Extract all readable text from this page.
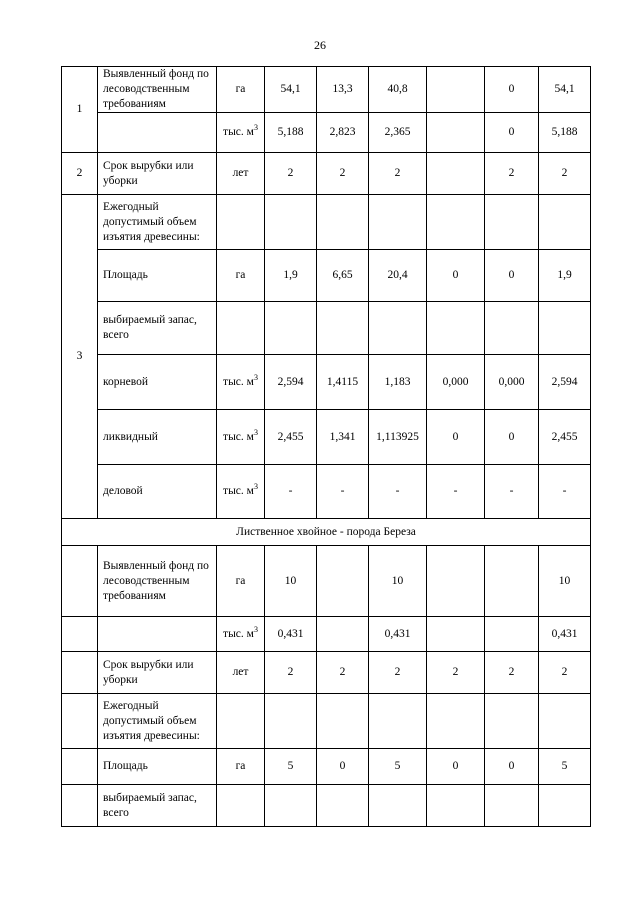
26
1	Выявленный фонд по лесоводственным требованиям	га	54,1	13,3	40,8		0	54,1
		тыс. $м^3$	5,188	2,823	2,365		0	5,188
2	Срок вырубки или уборки	лет	2	2	2		2	2
3	Ежегодный допустимый объем изъятия древесины:							
	Площадь	га	1,9	6,65	20,4	0	0	1,9
	выбираемый запас, всего							
	корневой	тыс. $м^3$	2,594	1,4115	1,183	0,000	0,000	2,594
	ликвидный	тыс. $м^3$	2,455	1,341	1,113925	0	0	2,455
	деловой	тыс. $м^3$	-	-	-	-	-	-
Лиственное хвойное - порода Береза								
	Выявленный фонд по лесоводственным требованиям	га	10		10			10
		тыс. $м^3$	0,431		0,431			0,431
	Срок вырубки или уборки	лет	2	2	2	2	2	2
	Ежегодный допустимый объем изъятия древесины:							
	Площадь	га	5	0	5	0	0	5
	выбираемый запас, всего							
